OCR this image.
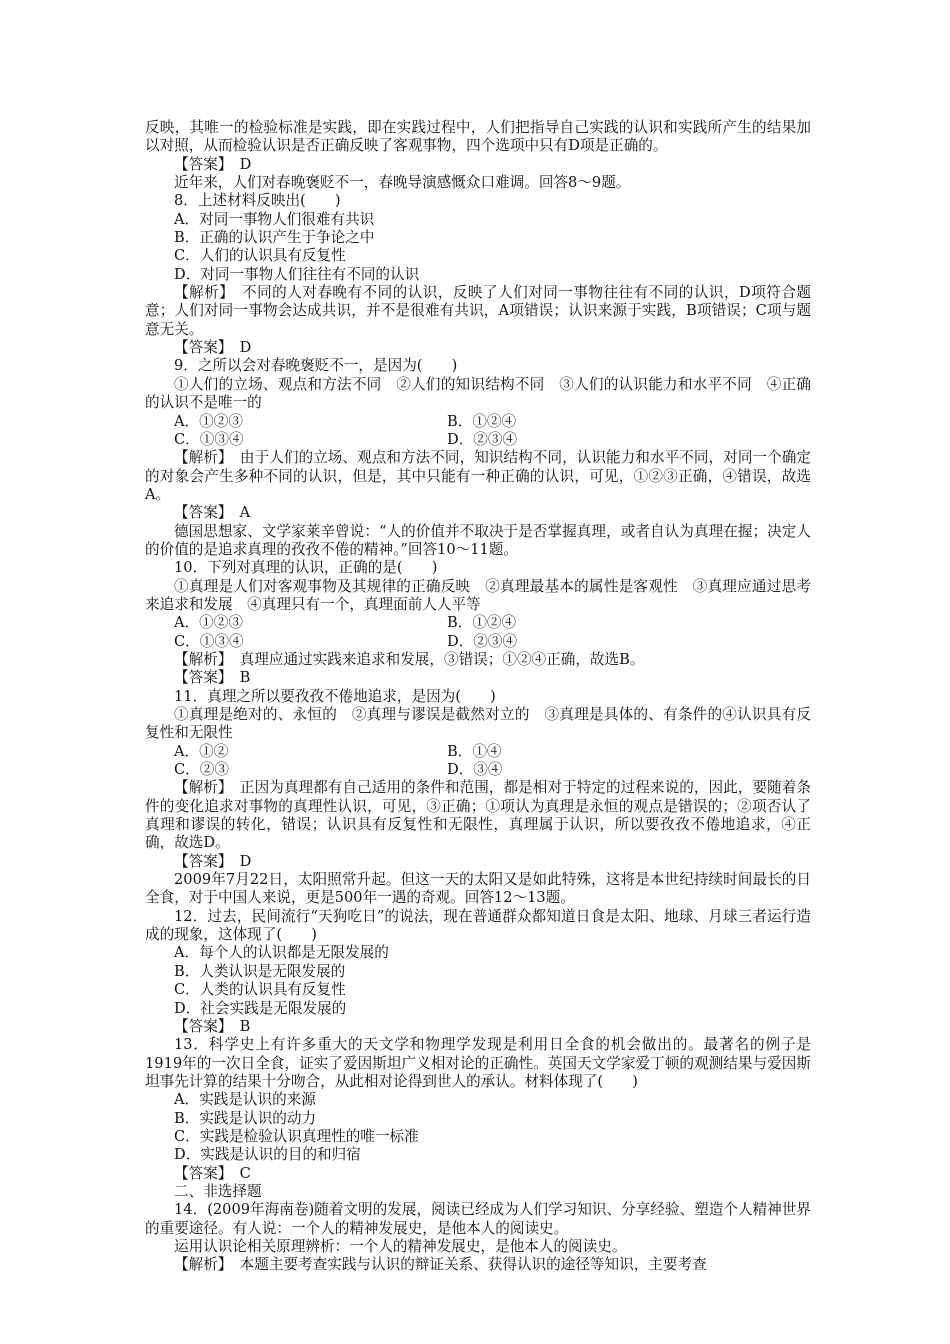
反映，其唯一的检验标准是实践，即在实践过程中，人们把指导自己实践的认识和实践所产生的结果加以对照，从而检验认识是否正确反映了客观事物，四个选项中只有D项是正确的。

【答案】　D

近年来，人们对春晚褒贬不一，春晚导演感慨众口难调。回答8～9题。

8．上述材料反映出(　　)

A．对同一事物人们很难有共识

B．正确的认识产生于争论之中

C．人们的认识具有反复性

D．对同一事物人们往往有不同的认识

【解析】　不同的人对春晚有不同的认识，反映了人们对同一事物往往有不同的认识，D项符合题意；人们对同一事物会达成共识，并不是很难有共识，A项错误；认识来源于实践，B项错误；C项与题意无关。

【答案】　D

9．之所以会对春晚褒贬不一，是因为(　　)

①人们的立场、观点和方法不同　②人们的知识结构不同　③人们的认识能力和水平不同　④正确的认识不是唯一的

A．①②③	B．①②④
C．①③④	D．②③④

【解析】　由于人们的立场、观点和方法不同，知识结构不同，认识能力和水平不同，对同一个确定的对象会产生多种不同的认识，但是，其中只能有一种正确的认识，可见，①②③正确，④错误，故选A。

【答案】　A

德国思想家、文学家莱辛曾说：“人的价值并不取决于是否掌握真理，或者自认为真理在握；决定人的价值的是追求真理的孜孜不倦的精神。”回答10～11题。

10．下列对真理的认识，正确的是(　　)

①真理是人们对客观事物及其规律的正确反映　②真理最基本的属性是客观性　③真理应通过思考来追求和发展　④真理只有一个，真理面前人人平等

A．①②③	B．①②④
C．①③④	D．②③④

【解析】　真理应通过实践来追求和发展，③错误；①②④正确，故选B。

【答案】　B

11．真理之所以要孜孜不倦地追求，是因为(　　)

①真理是绝对的、永恒的　②真理与谬误是截然对立的　③真理是具体的、有条件的④认识具有反复性和无限性

A．①②	B．①④
C．②③	D．③④

【解析】　正因为真理都有自己适用的条件和范围，都是相对于特定的过程来说的，因此，要随着条件的变化追求对事物的真理性认识，可见，③正确；①项认为真理是永恒的观点是错误的；②项否认了真理和谬误的转化，错误；认识具有反复性和无限性，真理属于认识，所以要孜孜不倦地追求，④正确，故选D。

【答案】　D

2009年7月22日，太阳照常升起。但这一天的太阳又是如此特殊，这将是本世纪持续时间最长的日全食，对于中国人来说，更是500年一遇的奇观。回答12～13题。

12．过去，民间流行“天狗吃日”的说法，现在普通群众都知道日食是太阳、地球、月球三者运行造成的现象，这体现了(　　)

A．每个人的认识都是无限发展的

B．人类认识是无限发展的

C．人类的认识具有反复性

D．社会实践是无限发展的

【答案】　B

13．科学史上有许多重大的天文学和物理学发现是利用日全食的机会做出的。最著名的例子是1919年的一次日全食，证实了爱因斯坦广义相对论的正确性。英国天文学家爱丁顿的观测结果与爱因斯坦事先计算的结果十分吻合，从此相对论得到世人的承认。材料体现了(　　)

A．实践是认识的来源

B．实践是认识的动力

C．实践是检验认识真理性的唯一标准

D．实践是认识的目的和归宿

【答案】　C

二、非选择题

14．(2009年海南卷)随着文明的发展，阅读已经成为人们学习知识、分享经验、塑造个人精神世界的重要途径。有人说：一个人的精神发展史，是他本人的阅读史。

运用认识论相关原理辨析：一个人的精神发展史，是他本人的阅读史。

【解析】　本题主要考查实践与认识的辩证关系、获得认识的途径等知识，主要考查
